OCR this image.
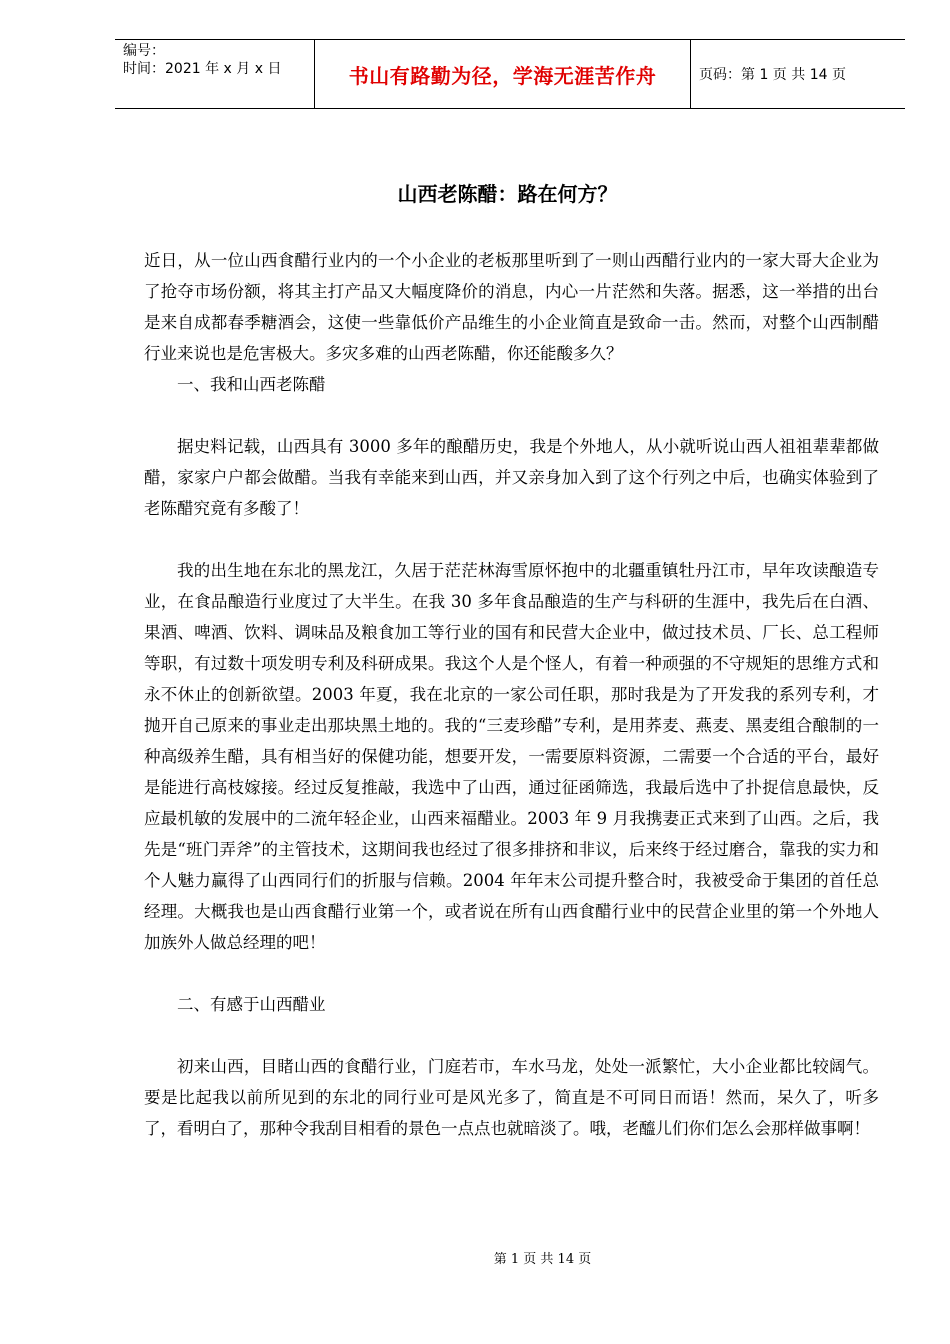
编号：
时间：2021 年 x 月 x 日	书山有路勤为径，学海无涯苦作舟	页码：第 1 页 共 14 页
山西老陈醋：路在何方？

近日，从一位山西食醋行业内的一个小企业的老板那里听到了一则山西醋行业内的一家大哥大企业为了抢夺市场份额，将其主打产品又大幅度降价的消息，内心一片茫然和失落。据悉，这一举措的出台是来自成都春季糖酒会，这使一些靠低价产品维生的小企业简直是致命一击。然而，对整个山西制醋行业来说也是危害极大。多灾多难的山西老陈醋，你还能酸多久？

一、我和山西老陈醋

据史料记载，山西具有 3000 多年的酿醋历史，我是个外地人，从小就听说山西人祖祖辈辈都做醋，家家户户都会做醋。当我有幸能来到山西，并又亲身加入到了这个行列之中后，也确实体验到了老陈醋究竟有多酸了！

我的出生地在东北的黑龙江，久居于茫茫林海雪原怀抱中的北疆重镇牡丹江市，早年攻读酿造专业，在食品酿造行业度过了大半生。在我 30 多年食品酿造的生产与科研的生涯中，我先后在白酒、果酒、啤酒、饮料、调味品及粮食加工等行业的国有和民营大企业中，做过技术员、厂长、总工程师等职，有过数十项发明专利及科研成果。我这个人是个怪人，有着一种顽强的不守规矩的思维方式和永不休止的创新欲望。2003 年夏，我在北京的一家公司任职，那时我是为了开发我的系列专利，才抛开自己原来的事业走出那块黑土地的。我的“三麦珍醋”专利，是用荞麦、燕麦、黑麦组合酿制的一种高级养生醋，具有相当好的保健功能，想要开发，一需要原料资源，二需要一个合适的平台，最好是能进行高枝嫁接。经过反复推敲，我选中了山西，通过征函筛选，我最后选中了扑捉信息最快，反应最机敏的发展中的二流年轻企业，山西来福醋业。2003 年 9 月我携妻正式来到了山西。之后，我先是“班门弄斧”的主管技术，这期间我也经过了很多排挤和非议，后来终于经过磨合，靠我的实力和个人魅力赢得了山西同行们的折服与信赖。2004 年年末公司提升整合时，我被受命于集团的首任总经理。大概我也是山西食醋行业第一个，或者说在所有山西食醋行业中的民营企业里的第一个外地人加族外人做总经理的吧！

二、有感于山西醋业

初来山西，目睹山西的食醋行业，门庭若市，车水马龙，处处一派繁忙，大小企业都比较阔气。要是比起我以前所见到的东北的同行业可是风光多了，简直是不可同日而语！然而，呆久了，听多了，看明白了，那种令我刮目相看的景色一点点也就暗淡了。哦，老醯儿们你们怎么会那样做事啊！

第 1 页 共 14 页
